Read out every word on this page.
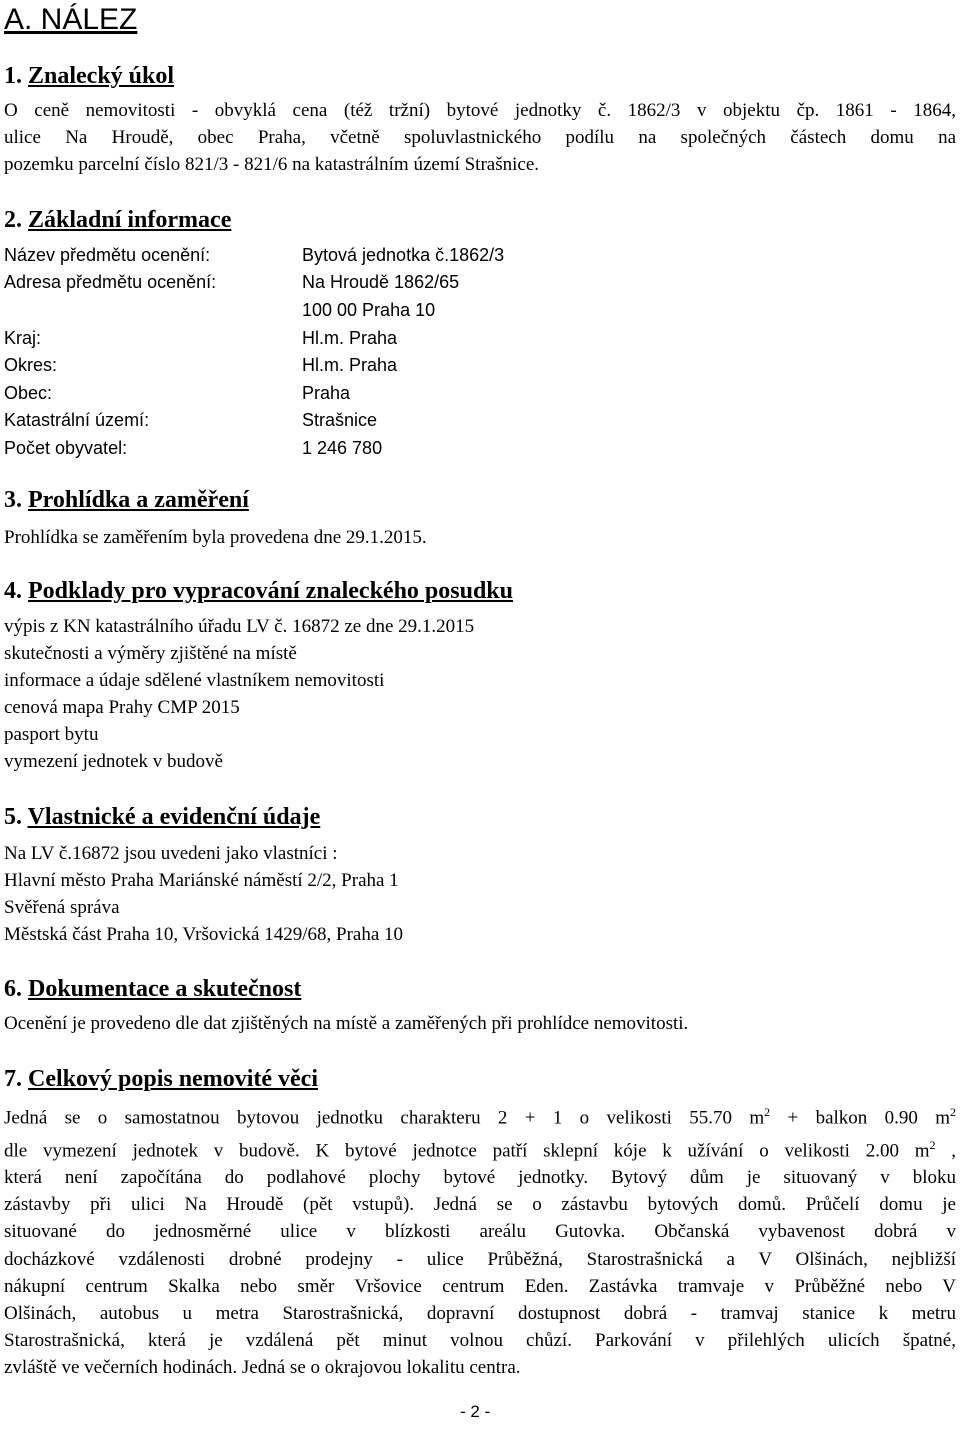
A. NÁLEZ
1. Znalecký úkol
O ceně nemovitosti - obvyklá cena (též tržní) bytové jednotky č. 1862/3 v objektu čp. 1861 - 1864,
ulice Na Hroudě, obec Praha, včetně spoluvlastnického podílu na společných částech domu na
pozemku parcelní číslo 821/3 - 821/6 na katastrálním území Strašnice.
2. Základní informace
Název předmětu ocenění:	Bytová jednotka č.1862/3
Adresa předmětu ocenění:	Na Hroudě 1862/65
100 00 Praha 10
Kraj:	Hl.m. Praha
Okres:	Hl.m. Praha
Obec:	Praha
Katastrální území:	Strašnice
Počet obyvatel:	1 246 780
3. Prohlídka a zaměření
Prohlídka se zaměřením byla provedena dne 29.1.2015.
4. Podklady pro vypracování znaleckého posudku
výpis z KN katastrálního úřadu LV č. 16872 ze dne 29.1.2015
skutečnosti a výměry zjištěné na místě
informace a údaje sdělené vlastníkem nemovitosti
cenová mapa Prahy CMP 2015
pasport bytu
vymezení jednotek v budově
5. Vlastnické a evidenční údaje
Na LV č.16872 jsou uvedeni jako vlastníci :
Hlavní město Praha Mariánské náměstí 2/2, Praha 1
Svěřená správa
Městská část Praha 10, Vršovická 1429/68, Praha 10
6. Dokumentace a skutečnost
Ocenění je provedeno dle dat zjištěných na místě a zaměřených při prohlídce nemovitosti.
7. Celkový popis nemovité věci
Jedná se o samostatnou bytovou jednotku charakteru 2 + 1 o velikosti 55.70 $m^2$ + balkon 0.90 $m^2$
dle vymezení jednotek v budově. K bytové jednotce patří sklepní kóje k užívání o velikosti 2.00 $m^2$ ,
která není započítána do podlahové plochy bytové jednotky. Bytový dům je situovaný v bloku
zástavby při ulici Na Hroudě (pět vstupů). Jedná se o zástavbu bytových domů. Průčelí domu je
situované do jednosměrné ulice v blízkosti areálu Gutovka. Občanská vybavenost dobrá v
docházkové vzdálenosti drobné prodejny - ulice Průběžná, Starostrašnická a V Olšinách, nejbližší
nákupní centrum Skalka nebo směr Vršovice centrum Eden. Zastávka tramvaje v Průběžné nebo V
Olšinách, autobus u metra Starostrašnická, dopravní dostupnost dobrá - tramvaj stanice k metru
Starostrašnická, která je vzdálená pět minut volnou chůzí. Parkování v přilehlých ulicích špatné,
zvláště ve večerních hodinách. Jedná se o okrajovou lokalitu centra.
- 2 -
